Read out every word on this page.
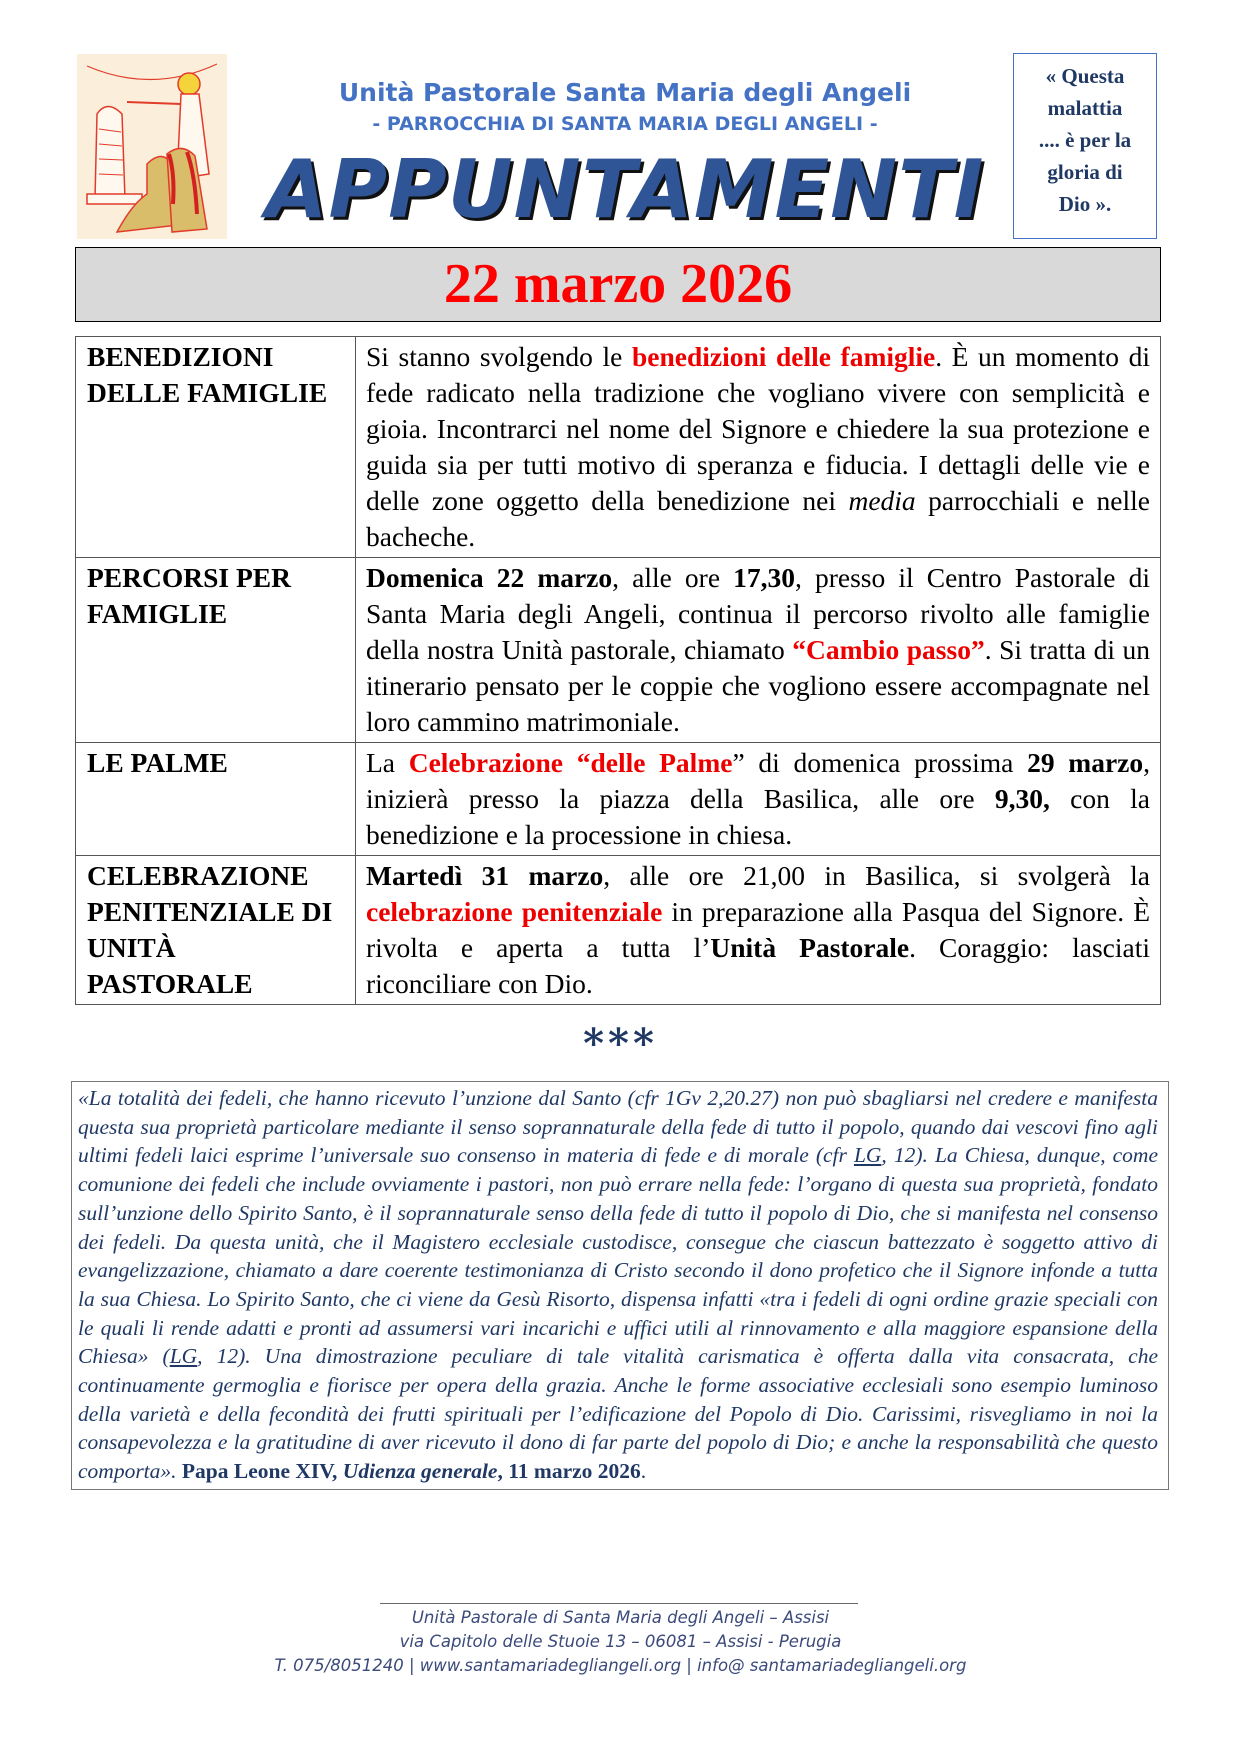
Unità Pastorale Santa Maria degli Angeli
- PARROCCHIA DI SANTA MARIA DEGLI ANGELI -
APPUNTAMENTI
« Questa
malattia
.... è per la
gloria di
Dio ».
22 marzo 2026
BENEDIZIONI DELLE FAMIGLIE	Si stanno svolgendo le benedizioni delle famiglie. È un momento di fede radicato nella tradizione che vogliano vivere con semplicità e gioia. Incontrarci nel nome del Signore e chiedere la sua protezione e guida sia per tutti motivo di speranza e fiducia. I dettagli delle vie e delle zone oggetto della benedizione nei media parrocchiali e nelle bacheche.
PERCORSI PER FAMIGLIE	Domenica 22 marzo, alle ore 17,30, presso il Centro Pastorale di Santa Maria degli Angeli, continua il percorso rivolto alle famiglie della nostra Unità pastorale, chiamato “Cambio passo”. Si tratta di un itinerario pensato per le coppie che vogliono essere accompagnate nel loro cammino matrimoniale.
LE PALME	La Celebrazione “delle Palme” di domenica prossima 29 marzo, inizierà presso la piazza della Basilica, alle ore 9,30, con la benedizione e la processione in chiesa.
CELEBRAZIONE PENITENZIALE DI UNITÀ PASTORALE	Martedì 31 marzo, alle ore 21,00 in Basilica, si svolgerà la celebrazione penitenziale in preparazione alla Pasqua del Signore. È rivolta e aperta a tutta l’Unità Pastorale. Coraggio: lasciati riconciliare con Dio.
***
«La totalità dei fedeli, che hanno ricevuto l’unzione dal Santo (cfr 1Gv 2,20.27) non può sbagliarsi nel credere e manifesta questa sua proprietà particolare mediante il senso soprannaturale della fede di tutto il popolo, quando dai vescovi fino agli ultimi fedeli laici esprime l’universale suo consenso in materia di fede e di morale (cfr LG, 12). La Chiesa, dunque, come comunione dei fedeli che include ovviamente i pastori, non può errare nella fede: l’organo di questa sua proprietà, fondato sull’unzione dello Spirito Santo, è il soprannaturale senso della fede di tutto il popolo di Dio, che si manifesta nel consenso dei fedeli. Da questa unità, che il Magistero ecclesiale custodisce, consegue che ciascun battezzato è soggetto attivo di evangelizzazione, chiamato a dare coerente testimonianza di Cristo secondo il dono profetico che il Signore infonde a tutta la sua Chiesa. Lo Spirito Santo, che ci viene da Gesù Risorto, dispensa infatti «tra i fedeli di ogni ordine grazie speciali con le quali li rende adatti e pronti ad assumersi vari incarichi e uffici utili al rinnovamento e alla maggiore espansione della Chiesa» (LG, 12). Una dimostrazione peculiare di tale vitalità carismatica è offerta dalla vita consacrata, che continuamente germoglia e fiorisce per opera della grazia. Anche le forme associative ecclesiali sono esempio luminoso della varietà e della fecondità dei frutti spirituali per l’edificazione del Popolo di Dio. Carissimi, risvegliamo in noi la consapevolezza e la gratitudine di aver ricevuto il dono di far parte del popolo di Dio; e anche la responsabilità che questo comporta». Papa Leone XIV, Udienza generale, 11 marzo 2026.
Unità Pastorale di Santa Maria degli Angeli – Assisi
via Capitolo delle Stuoie 13 – 06081 – Assisi - Perugia
T. 075/8051240 | www.santamariadegliangeli.org | info@ santamariadegliangeli.org
